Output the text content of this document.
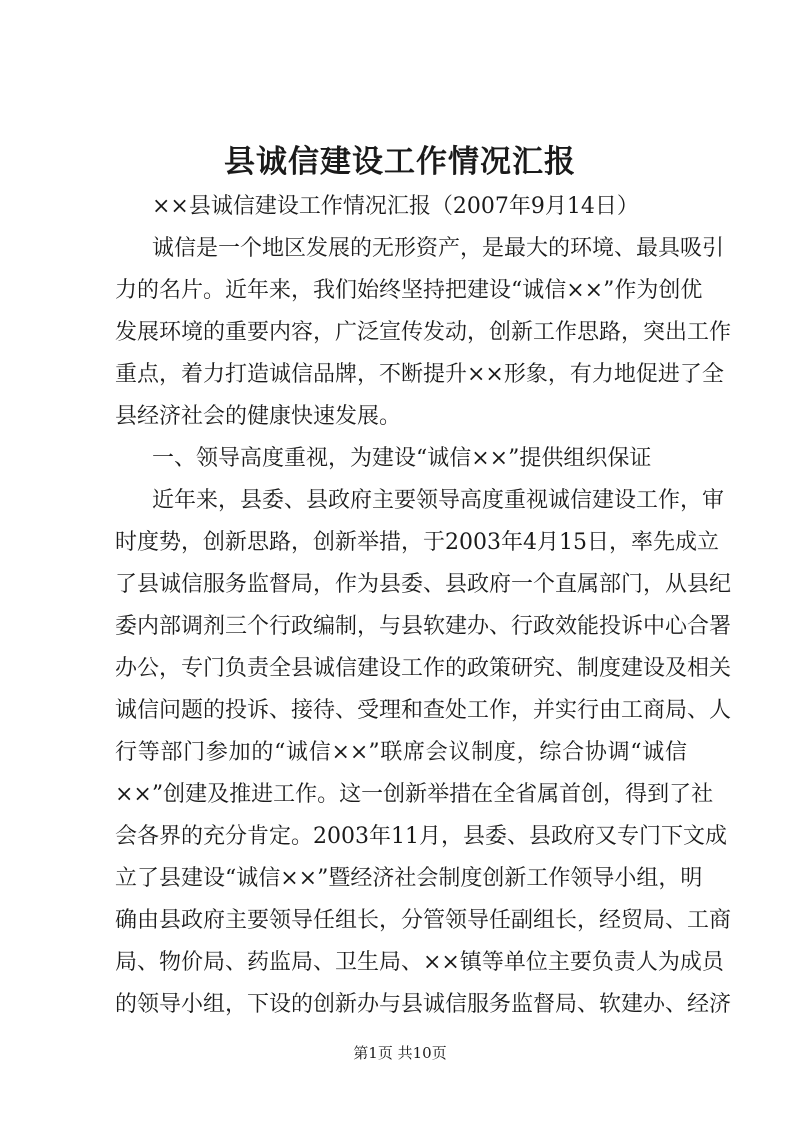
县诚信建设工作情况汇报
××县诚信建设工作情况汇报（2007年9月14日）
诚信是一个地区发展的无形资产，是最大的环境、最具吸引
力的名片。近年来，我们始终坚持把建设“诚信××”作为创优
发展环境的重要内容，广泛宣传发动，创新工作思路，突出工作
重点，着力打造诚信品牌，不断提升××形象，有力地促进了全
县经济社会的健康快速发展。
一、领导高度重视，为建设“诚信××”提供组织保证
近年来，县委、县政府主要领导高度重视诚信建设工作，审
时度势，创新思路，创新举措，于2003年4月15日，率先成立
了县诚信服务监督局，作为县委、县政府一个直属部门，从县纪
委内部调剂三个行政编制，与县软建办、行政效能投诉中心合署
办公，专门负责全县诚信建设工作的政策研究、制度建设及相关
诚信问题的投诉、接待、受理和查处工作，并实行由工商局、人
行等部门参加的“诚信××”联席会议制度，综合协调“诚信
××”创建及推进工作。这一创新举措在全省属首创，得到了社
会各界的充分肯定。2003年11月，县委、县政府又专门下文成
立了县建设“诚信××”暨经济社会制度创新工作领导小组，明
确由县政府主要领导任组长，分管领导任副组长，经贸局、工商
局、物价局、药监局、卫生局、××镇等单位主要负责人为成员
的领导小组，下设的创新办与县诚信服务监督局、软建办、经济
第1页 共10页
